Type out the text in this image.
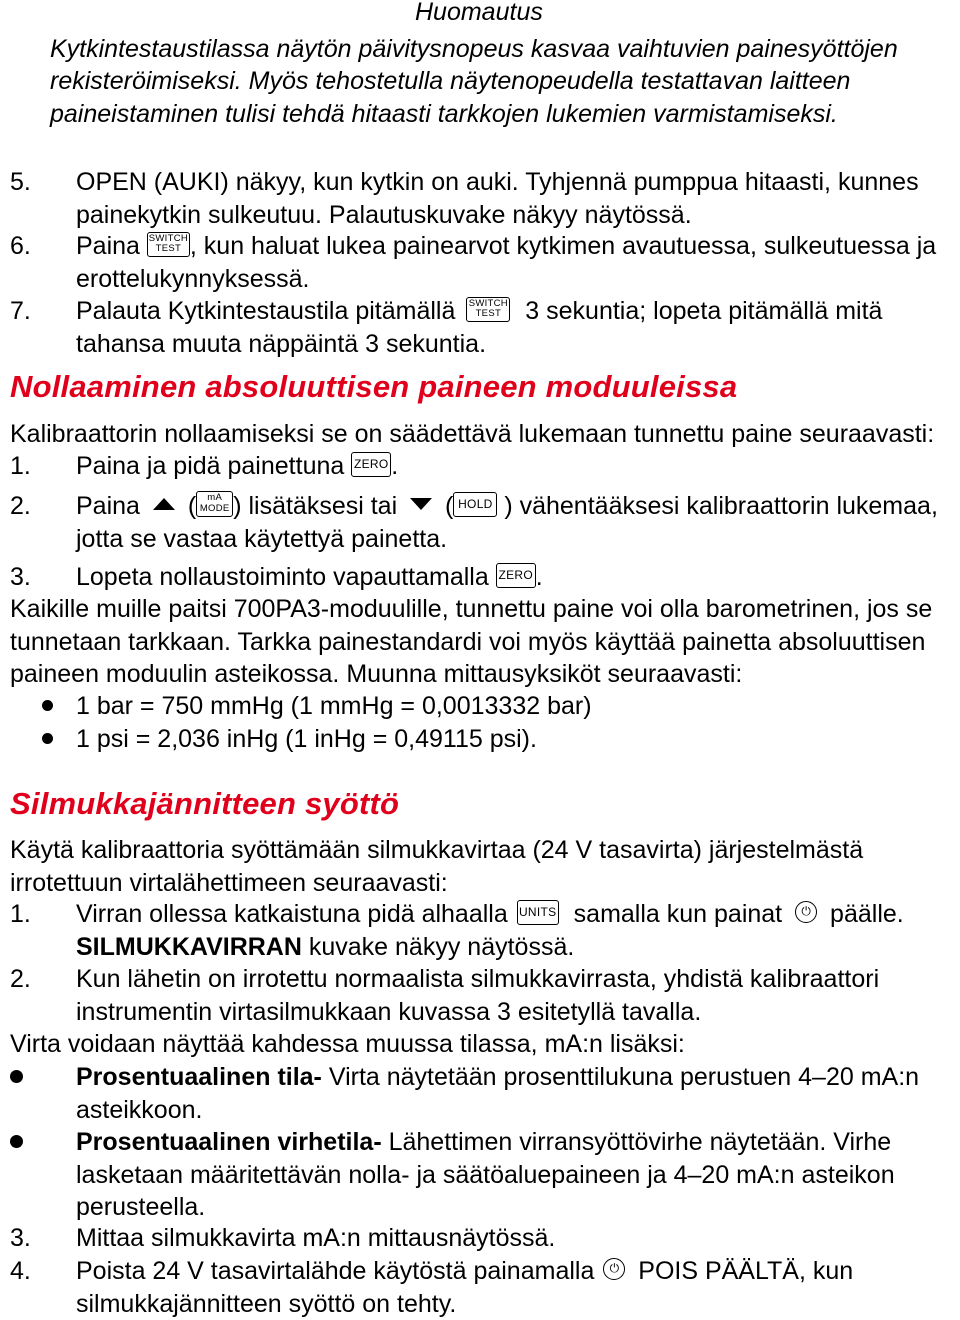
Huomautus
Kytkintestaustilassa näytön päivitysnopeus kasvaa vaihtuvien painesyöttöjen rekisteröimiseksi. Myös tehostetulla näytenopeudella testattavan laitteen paineistaminen tulisi tehdä hitaasti tarkkojen lukemien varmistamiseksi.
5.	OPEN (AUKI) näkyy, kun kytkin on auki. Tyhjennä pumppua hitaasti, kunnes painekytkin sulkeutuu. Palautuskuvake näkyy näytössä.
6.	Paina SWITCH
TEST , kun haluat lukea painearvot kytkimen avautuessa, sulkeutuessa ja erottelukynnyksessä.
7.	Palauta Kytkintestaustila pitämällä SWITCH
TEST 3 sekuntia; lopeta pitämällä mitä tahansa muuta näppäintä 3 sekuntia.
Nollaaminen absoluuttisen paineen moduuleissa
Kalibraattorin nollaamiseksi se on säädettävä lukemaan tunnettu paine seuraavasti:
1.	Paina ja pidä painettuna ZERO .
2.	Paina (	mA
MODE ) lisätäksesi tai ( HOLD ) vähentääksesi kalibraattorin lukemaa, jotta se vastaa käytettyä painetta.
3.	Lopeta nollaustoiminto vapauttamalla ZERO .
Kaikille muille paitsi 700PA3-moduulille, tunnettu paine voi olla barometrinen, jos se tunnetaan tarkkaan. Tarkka painestandardi voi myös käyttää painetta absoluuttisen paineen moduulin asteikossa. Muunna mittausyksiköt seuraavasti:
1 bar = 750 mmHg (1 mmHg = 0,0013332 bar)
1 psi = 2,036 inHg (1 inHg = 0,49115 psi).
Silmukkajännitteen syöttö
Käytä kalibraattoria syöttämään silmukkavirtaa (24 V tasavirta) järjestelmästä irrotettuun virtalähettimeen seuraavasti:
1.	Virran ollessa katkaistuna pidä alhaalla UNITS samalla kun painat ⏻ päälle.
SILMUKKAVIRRAN kuvake näkyy näytössä.
2.	Kun lähetin on irrotettu normaalista silmukkavirrasta, yhdistä kalibraattori instrumentin virtasilmukkaan kuvassa 3 esitetyllä tavalla.
Virta voidaan näyttää kahdessa muussa tilassa, mA:n lisäksi:
Prosentuaalinen tila- Virta näytetään prosenttilukuna perustuen 4–20 mA:n asteikkoon.
Prosentuaalinen virhetila- Lähettimen virransyöttövirhe näytetään. Virhe lasketaan määritettävän nolla- ja säätöaluepaineen ja 4–20 mA:n asteikon perusteella.
3.	Mittaa silmukkavirta mA:n mittausnäytössä.
4.	Poista 24 V tasavirtalähde käytöstä painamalla ⏻ POIS PÄÄLTÄ, kun silmukkajännitteen syöttö on tehty.
